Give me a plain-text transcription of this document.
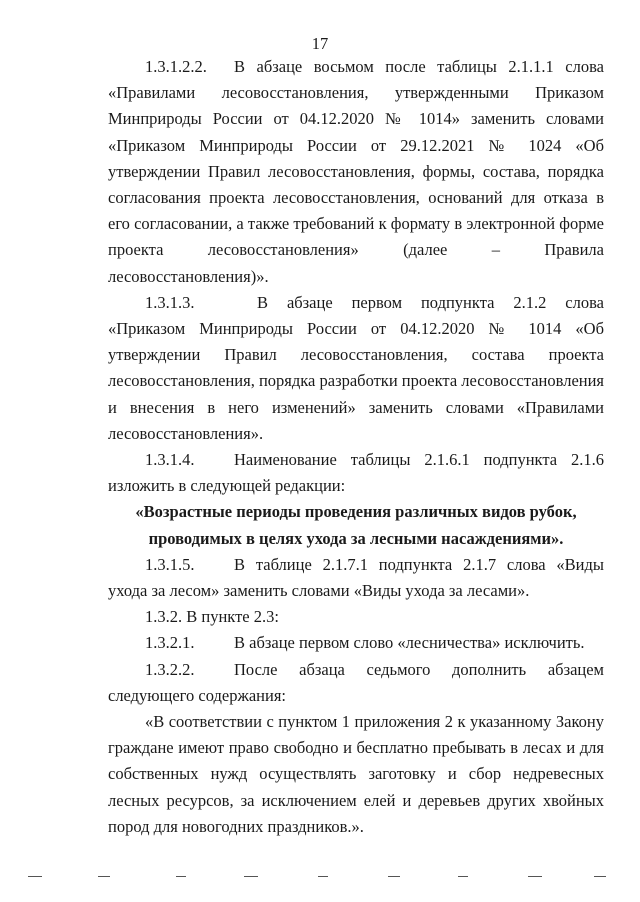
17

1.3.1.2.2. В абзаце восьмом после таблицы 2.1.1.1 слова «Правилами лесовосстановления, утвержденными Приказом Минприроды России от 04.12.2020 № 1014» заменить словами «Приказом Минприроды России от 29.12.2021 № 1024 «Об утверждении Правил лесовосстановления, формы, состава, порядка согласования проекта лесовосстановления, оснований для отказа в его согласовании, а также требований к формату в электронной форме проекта лесовосстановления» (далее – Правила лесовосстановления)».

1.3.1.3.	В абзаце первом подпункта 2.1.2 слова «Приказом Минприроды России от 04.12.2020 № 1014 «Об утверждении Правил лесовосстановления, состава проекта лесовосстановления, порядка разработки проекта лесовосстановления и внесения в него изменений» заменить словами «Правилами лесовосстановления».

1.3.1.4. Наименование таблицы 2.1.6.1 подпункта 2.1.6 изложить в следующей редакции:

«Возрастные периоды проведения различных видов рубок,

проводимых в целях ухода за лесными насаждениями».

1.3.1.5. В таблице 2.1.7.1 подпункта 2.1.7 слова «Виды ухода за лесом» заменить словами «Виды ухода за лесами».

1.3.2. В пункте 2.3:

1.3.2.1. В абзаце первом слово «лесничества» исключить.

1.3.2.2. После абзаца седьмого дополнить абзацем следующего содержания:

«В соответствии с пунктом 1 приложения 2 к указанному Закону граждане имеют право свободно и бесплатно пребывать в лесах и для собственных нужд осуществлять заготовку и сбор недревесных лесных ресурсов, за исключением елей и деревьев других хвойных пород для новогодних праздников.».
